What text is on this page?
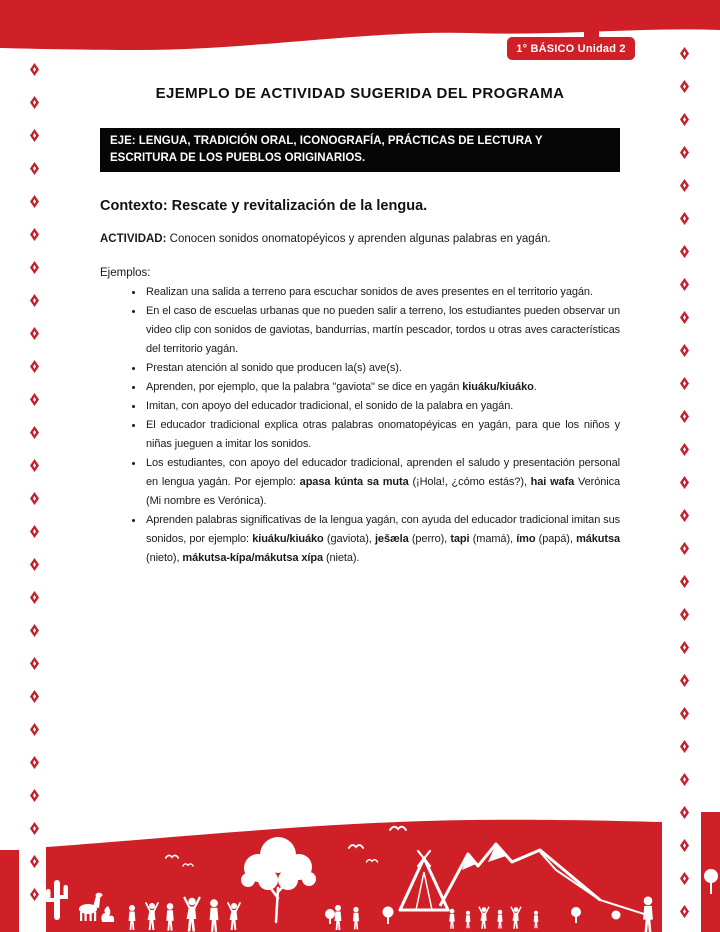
1° BÁSICO Unidad 2
EJEMPLO DE ACTIVIDAD SUGERIDA DEL PROGRAMA
EJE: LENGUA, TRADICIÓN ORAL, ICONOGRAFÍA, PRÁCTICAS DE LECTURA Y ESCRITURA DE LOS PUEBLOS ORIGINARIOS.
Contexto: Rescate y revitalización de la lengua.
ACTIVIDAD: Conocen sonidos onomatopéyicos y aprenden algunas palabras en yagán.
Ejemplos:
• Realizan una salida a terreno para escuchar sonidos de aves presentes en el territorio yagán.
• En el caso de escuelas urbanas que no pueden salir a terreno, los estudiantes pueden observar un video clip con sonidos de gaviotas, bandurrias, martín pescador, tordos u otras aves características del territorio yagán.
• Prestan atención al sonido que producen la(s) ave(s).
• Aprenden, por ejemplo, que la palabra "gaviota" se dice en yagán kiuáku/kiuáko.
• Imitan, con apoyo del educador tradicional, el sonido de la palabra en yagán.
• El educador tradicional explica otras palabras onomatopéyicas en yagán, para que los niños y niñas jueguen a imitar los sonidos.
• Los estudiantes, con apoyo del educador tradicional, aprenden el saludo y presentación personal en lengua yagán. Por ejemplo: apasa kúnta sa muta (¡Hola!, ¿cómo estás?), hai wafa Verónica (Mi nombre es Verónica).
• Aprenden palabras significativas de la lengua yagán, con ayuda del educador tradicional imitan sus sonidos, por ejemplo: kiuáku/kiuáko (gaviota), ješæla (perro), tapi (mamá), ímo (papá), mákutsa (nieto), mákutsa-kípa/mákutsa xípa (nieta).
